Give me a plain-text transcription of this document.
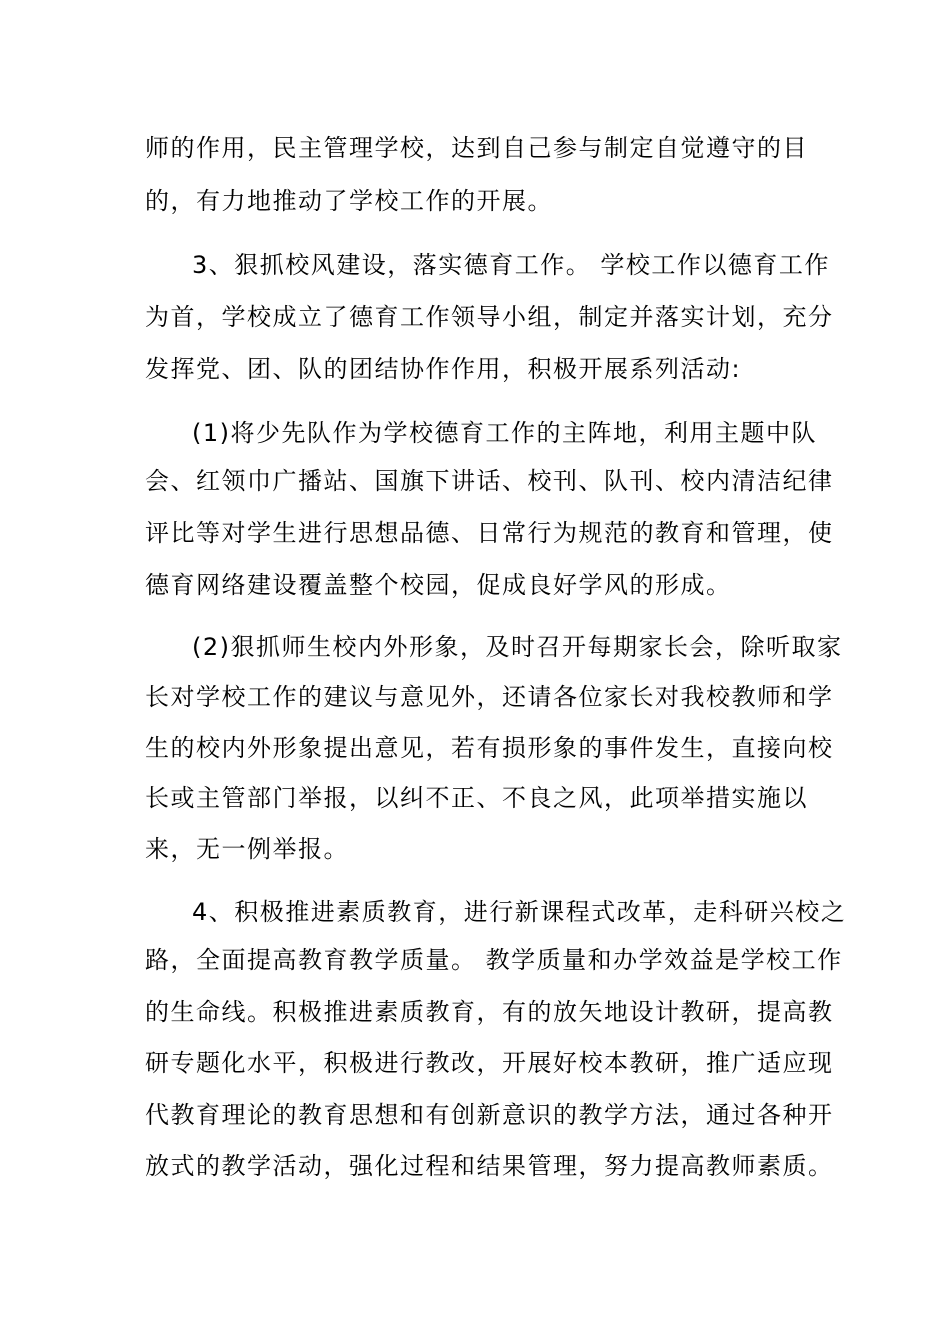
师的作用，民主管理学校，达到自己参与制定自觉遵守的目
的，有力地推动了学校工作的开展。
3、狠抓校风建设，落实德育工作。 学校工作以德育工作
为首，学校成立了德育工作领导小组，制定并落实计划，充分
发挥党、团、队的团结协作作用，积极开展系列活动:
(1)将少先队作为学校德育工作的主阵地，利用主题中队
会、红领巾广播站、国旗下讲话、校刊、队刊、校内清洁纪律
评比等对学生进行思想品德、日常行为规范的教育和管理，使
德育网络建设覆盖整个校园，促成良好学风的形成。
(2)狠抓师生校内外形象，及时召开每期家长会，除听取家
长对学校工作的建议与意见外，还请各位家长对我校教师和学
生的校内外形象提出意见，若有损形象的事件发生，直接向校
长或主管部门举报，以纠不正、不良之风，此项举措实施以
来，无一例举报。
4、积极推进素质教育，进行新课程式改革，走科研兴校之
路，全面提高教育教学质量。 教学质量和办学效益是学校工作
的生命线。积极推进素质教育，有的放矢地设计教研，提高教
研专题化水平，积极进行教改，开展好校本教研，推广适应现
代教育理论的教育思想和有创新意识的教学方法，通过各种开
放式的教学活动，强化过程和结果管理，努力提高教师素质。
